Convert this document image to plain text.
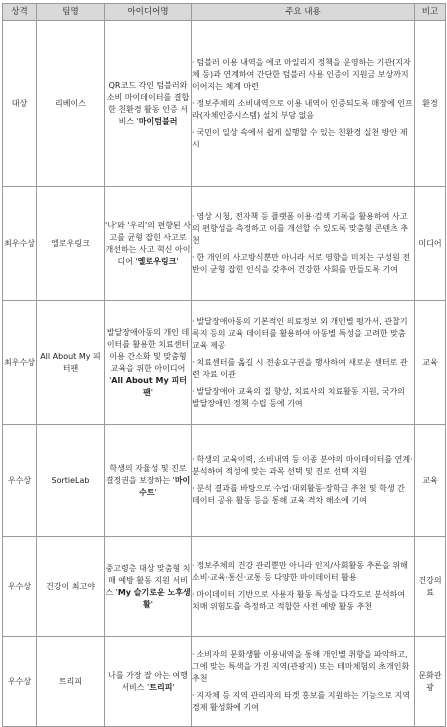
상격	팀명	아이디어명	주요 내용	비고
대상	리베이스	QR코드 각인 텀블러와 소비 마이데이터를 결합한 친환경 활동 인증 서비스 '마이텀블러	· 텀블러 이용 내역을 에코 마일리지 정책을 운영하는 기관(지자체 등)과 연계하여 간단한 텀블러 사용 인증이 지원금 보상까지 이어지는 체계 마련
· 정보주체의 소비내역으로 이용 내역이 인증되도록 매장에 인프라(자체인증시스템) 설치 부담 없음
· 국민이 일상 속에서 쉽게 실행할 수 있는 친환경 실천 방안 제시	환경
최우수상	엘로우링크	'나'와 '우리'의 편향된 사고를 균형 잡힌 사고로 개선하는 사고 혁신 아이디어 '옐로우링크'	· 영상 시청, 전자책 등 플랫폼 이용·검색 기록을 활용하여 사고의 편향성을 측정하고 이를 개선할 수 있도록 맞춤형 콘텐츠 추천
· 한 개인의 사고방식뿐만 아니라 서로 영향을 미치는 구성원 전반이 균형 잡힌 인식을 갖추어 건강한 사회를 만들도록 기여	미디어
최우수상	All About My 피터팬	발달장애아동의 개인 데이터를 활용한 치료센터 이용 간소화 및 맞춤형 교육을 위한 아이디어 'All About My 피터팬'	· 발달장애아동의 기본적인 의료정보 외 개인별 평가서, 관찰기록지 등의 교육 데이터를 활용하여 아동별 특성을 고려한 맞춤 교육 제공
· 치료센터를 옮길 시 전송요구권을 행사하여 새로운 센터로 관련 자료 이관
· 발달장애아 교육의 질 향상, 치료사의 치료활동 지원, 국가의 발달장애인 정책 수립 등에 기여	교육
우수상	SortieLab	학생의 자율성 및 진로 결정권을 보장하는 '마이수트'	· 학생의 교육이력, 소비내역 등 이종 분야의 마이데이터를 연계·분석하여 적성에 맞는 과목 선택 및 진로 선택 지원
· 분석 결과를 바탕으로 수업·대외활동·장학금 추천 및 학생 간 데이터 공유 활동 등을 통해 교육 격차 해소에 기여	교육
우수상	건강이 최고야	중고령층 대상 맞춤형 치매 예방 활동 지원 서비스 'My 슬기로운 노후생활'	· 정보주체의 건강 관리뿐만 아니라 인지/사회활동 추론을 위해 소비·교육·통신·교통 등 다양한 마이데이터 활용
· 마이데이터 기반으로 사용자 활동 특성을 다각도로 분석하여 치매 위험도를 측정하고 적합한 사전 예방 활동 추천	건강의료
우수상	트리피	나를 가장 잘 아는 여행 서비스 '트리피'	· 소비자의 문화생활 이용내역을 통해 개인별 취향을 파악하고, 그에 맞는 특색을 가진 지역(관광지) 또는 테마체험의 초개인화 추천
· 지자체 등 지역 관리자의 타겟 홍보를 지원하는 기능으로 지역 경제 활성화에 기여	문화관광
